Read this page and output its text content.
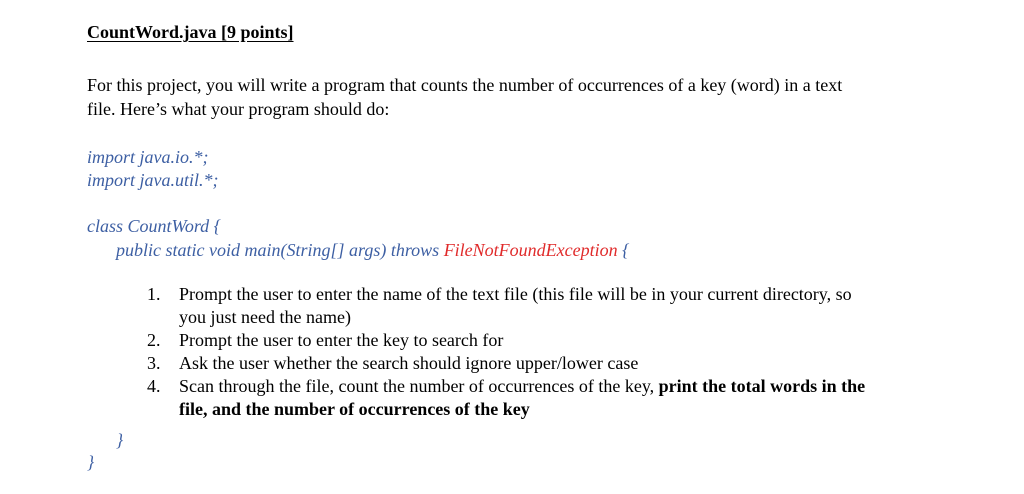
CountWord.java [9 points]
For this project, you will write a program that counts the number of occurrences of a key (word) in a text
file. Here’s what your program should do:
import java.io.*;
import java.util.*;
class CountWord {
public static void main(String[] args) throws FileNotFoundException {
1. Prompt the user to enter the name of the text file (this file will be in your current directory, so
you just need the name)
2. Prompt the user to enter the key to search for
3. Ask the user whether the search should ignore upper/lower case
4. Scan through the file, count the number of occurrences of the key, print the total words in the
file, and the number of occurrences of the key
}
}
